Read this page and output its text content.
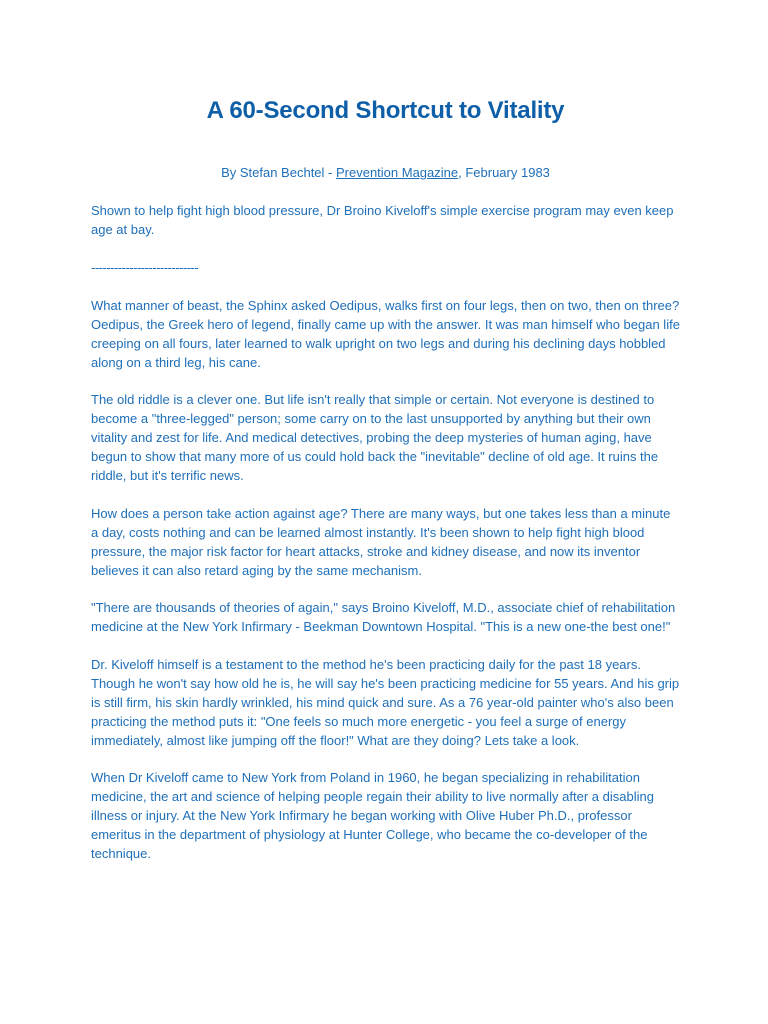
A 60-Second Shortcut to Vitality
By Stefan Bechtel - Prevention Magazine, February 1983

Shown to help fight high blood pressure, Dr Broino Kiveloff's simple exercise program may even keep age at bay.

----------------------------

What manner of beast, the Sphinx asked Oedipus, walks first on four legs, then on two, then on three? Oedipus, the Greek hero of legend, finally came up with the answer. It was man himself who began life creeping on all fours, later learned to walk upright on two legs and during his declining days hobbled along on a third leg, his cane.

The old riddle is a clever one. But life isn't really that simple or certain. Not everyone is destined to become a "three-legged" person; some carry on to the last unsupported by anything but their own vitality and zest for life. And medical detectives, probing the deep mysteries of human aging, have begun to show that many more of us could hold back the "inevitable" decline of old age. It ruins the riddle, but it's terrific news.

How does a person take action against age? There are many ways, but one takes less than a minute a day, costs nothing and can be learned almost instantly. It's been shown to help fight high blood pressure, the major risk factor for heart attacks, stroke and kidney disease, and now its inventor believes it can also retard aging by the same mechanism.

"There are thousands of theories of again," says Broino Kiveloff, M.D., associate chief of rehabilitation medicine at the New York Infirmary - Beekman Downtown Hospital. "This is a new one-the best one!"

Dr. Kiveloff himself is a testament to the method he's been practicing daily for the past 18 years. Though he won't say how old he is, he will say he's been practicing medicine for 55 years. And his grip is still firm, his skin hardly wrinkled, his mind quick and sure. As a 76 year-old painter who's also been practicing the method puts it: "One feels so much more energetic - you feel a surge of energy immediately, almost like jumping off the floor!" What are they doing? Lets take a look.

When Dr Kiveloff came to New York from Poland in 1960, he began specializing in rehabilitation medicine, the art and science of helping people regain their ability to live normally after a disabling illness or injury. At the New York Infirmary he began working with Olive Huber Ph.D., professor emeritus in the department of physiology at Hunter College, who became the co-developer of the technique.
